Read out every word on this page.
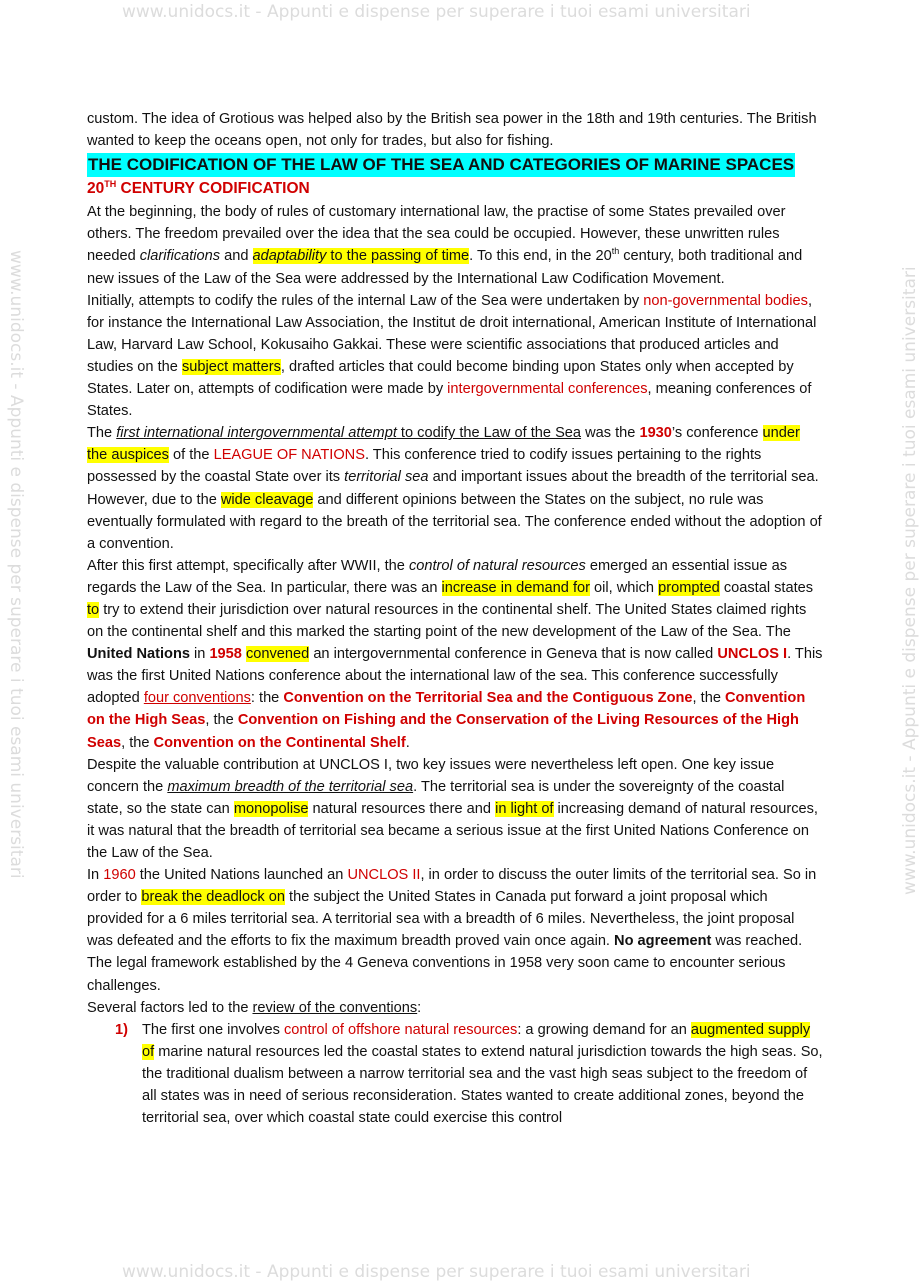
www.unidocs.it - Appunti e dispense per superare i tuoi esami universitari
www.unidocs.it - Appunti e dispense per superare i tuoi esami universitari	www.unidocs.it - Appunti e dispense per superare i tuoi esami universitari
www.unidocs.it - Appunti e dispense per superare i tuoi esami universitari

custom. The idea of Grotious was helped also by the British sea power in the 18th and 19th centuries. The British wanted to keep the oceans open, not only for trades, but also for fishing.

THE CODIFICATION OF THE LAW OF THE SEA AND CATEGORIES OF MARINE SPACES
20TH CENTURY CODIFICATION

At the beginning, the body of rules of customary international law, the practise of some States prevailed over others. The freedom prevailed over the idea that the sea could be occupied. However, these unwritten rules needed clarifications and adaptability to the passing of time. To this end, in the 20th century, both traditional and new issues of the Law of the Sea were addressed by the International Law Codification Movement.

Initially, attempts to codify the rules of the internal Law of the Sea were undertaken by non-governmental bodies, for instance the International Law Association, the Institut de droit international, American Institute of International Law, Harvard Law School, Kokusaiho Gakkai. These were scientific associations that produced articles and studies on the subject matters, drafted articles that could become binding upon States only when accepted by States. Later on, attempts of codification were made by intergovernmental conferences, meaning conferences of States.

The first international intergovernmental attempt to codify the Law of the Sea was the 1930’s conference under the auspices of the LEAGUE OF NATIONS. This conference tried to codify issues pertaining to the rights possessed by the coastal State over its territorial sea and important issues about the breadth of the territorial sea. However, due to the wide cleavage and different opinions between the States on the subject, no rule was eventually formulated with regard to the breath of the territorial sea. The conference ended without the adoption of a convention.

After this first attempt, specifically after WWII, the control of natural resources emerged an essential issue as regards the Law of the Sea. In particular, there was an increase in demand for oil, which prompted coastal states to try to extend their jurisdiction over natural resources in the continental shelf. The United States claimed rights on the continental shelf and this marked the starting point of the new development of the Law of the Sea. The United Nations in 1958 convened an intergovernmental conference in Geneva that is now called UNCLOS I. This was the first United Nations conference about the international law of the sea. This conference successfully adopted four conventions: the Convention on the Territorial Sea and the Contiguous Zone, the Convention on the High Seas, the Convention on Fishing and the Conservation of the Living Resources of the High Seas, the Convention on the Continental Shelf.

Despite the valuable contribution at UNCLOS I, two key issues were nevertheless left open. One key issue concern the maximum breadth of the territorial sea. The territorial sea is under the sovereignty of the coastal state, so the state can monopolise natural resources there and in light of increasing demand of natural resources, it was natural that the breadth of territorial sea became a serious issue at the first United Nations Conference on the Law of the Sea.

In 1960 the United Nations launched an UNCLOS II, in order to discuss the outer limits of the territorial sea. So in order to break the deadlock on the subject the United States in Canada put forward a joint proposal which provided for a 6 miles territorial sea. A territorial sea with a breadth of 6 miles. Nevertheless, the joint proposal was defeated and the efforts to fix the maximum breadth proved vain once again. No agreement was reached. The legal framework established by the 4 Geneva conventions in 1958 very soon came to encounter serious challenges.

Several factors led to the review of the conventions:

1) The first one involves control of offshore natural resources: a growing demand for an augmented supply of marine natural resources led the coastal states to extend natural jurisdiction towards the high seas. So, the traditional dualism between a narrow territorial sea and the vast high seas subject to the freedom of all states was in need of serious reconsideration. States wanted to create additional zones, beyond the territorial sea, over which coastal state could exercise this control
